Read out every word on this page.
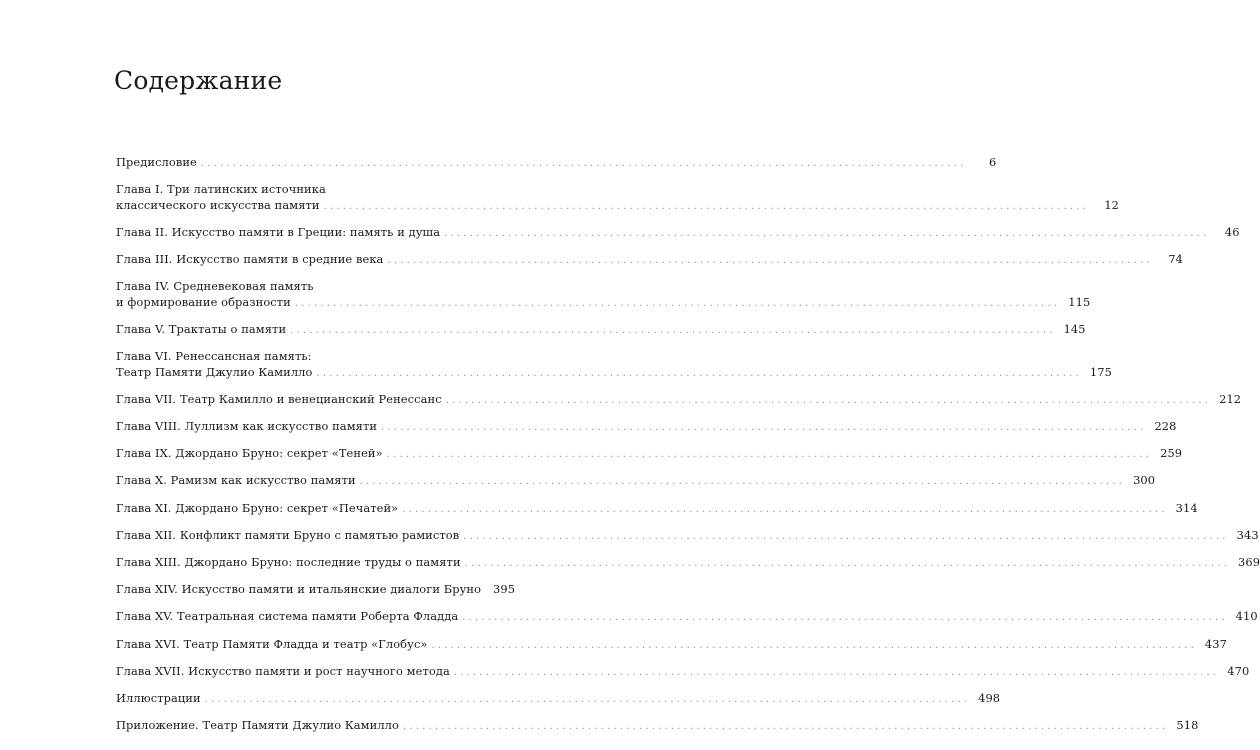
Содержание
Предисловие ........................................................................................................................	6
Глава I. Три латинских источника
классического искусства памяти ........................................................................................................................	12
Глава II. Искусство памяти в Греции: память и душа ........................................................................................................................	46
Глава III. Искусство памяти в средние века ........................................................................................................................	74
Глава IV. Средневековая память
и формирование образности ........................................................................................................................ 115
Глава V. Трактаты о памяти ........................................................................................................................ 145
Глава VI. Ренессансная память:
Театр Памяти Джулио Камилло ........................................................................................................................ 175
Глава VII. Театр Камилло и венецианский Ренессанс ........................................................................................................................ 212
Глава VIII. Луллизм как искусство памяти ........................................................................................................................ 228
Глава IX. Джордано Бруно: секрет «Теней» ........................................................................................................................ 259
Глава X. Рамизм как искусство памяти ........................................................................................................................ 300
Глава XI. Джордано Бруно: секрет «Печатей» ........................................................................................................................ 314
Глава XII. Конфликт памяти Бруно с памятью рамистов ........................................................................................................................ 343
Глава XIII. Джордано Бруно: последние труды о памяти ........................................................................................................................ 369
Глава XIV. Искусство памяти и итальянские диалоги Бруно 395
Глава XV. Театральная система памяти Роберта Фладда ........................................................................................................................ 410
Глава XVI. Театр Памяти Фладда и театр «Глобус» ........................................................................................................................ 437
Глава XVII. Искусство памяти и рост научного метода ........................................................................................................................ 470
Иллюстрации ........................................................................................................................ 498
Приложение. Театр Памяти Джулио Камилло ........................................................................................................................ 518
